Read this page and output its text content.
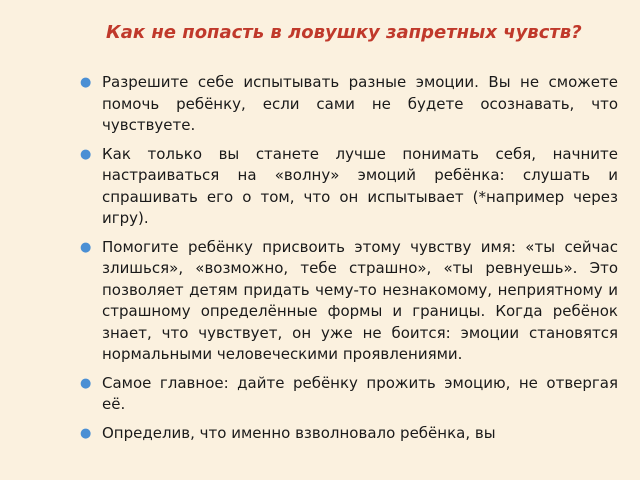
Как не попасть в ловушку запретных чувств?
● Разрешите себе испытывать разные эмоции. Вы не сможете помочь ребёнку, если сами не будете осознавать, что чувствуете.
● Как только вы станете лучше понимать себя, начните настраиваться на «волну» эмоций ребёнка: слушать и спрашивать его о том, что он испытывает (*например через игру).
● Помогите ребёнку присвоить этому чувству имя: «ты сейчас злишься», «возможно, тебе страшно», «ты ревнуешь». Это позволяет детям придать чему-то незнакомому, неприятному и страшному определённые формы и границы. Когда ребёнок знает, что чувствует, он уже не боится: эмоции становятся нормальными человеческими проявлениями.
● Самое главное: дайте ребёнку прожить эмоцию, не отвергая её.
● Определив, что именно взволновало ребёнка, вы
